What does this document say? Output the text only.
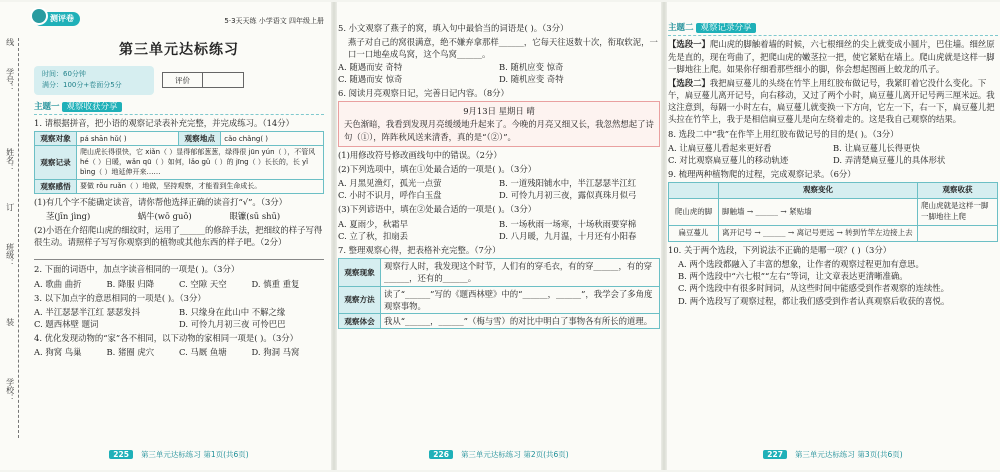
线
学号：
姓名：
订
班级：
装
学校：
测评卷	5·3天天练 小学语文 四年级上册
第三单元达标练习
时间：60分钟
满分：100分+卷面分5分	评价
主题一 观察收获分享
1. 请根据拼音，把小语的观察记录表补充完整，并完成练习。（14分）
观察对象	pá shān hǔ( )	观察地点	cǎo chǎng( )
观察记录	爬山虎长得很快，它 xiǎn（ ）显得郁郁葱葱，绿得很 jūn yún（ ），不管风 hé（ ）日暖，wǎn qū（ ）如何，lǎo gǔ（ ）的 jīng（ ）长长的，长 yǐ bìng（ ）地延伸开来……		
观察感悟	要做 rǒu ruǎn（ ）地做，坚持观察，才能看到生命成长。		
(1)有几个字不能确定读音，请你帮他选择正确的读音打“√”。（3分）
茎(jīn jìng)	蜗牛(wō guō)	眼镰(sū shū)
(2)小语在介绍爬山虎的细纹时，运用了______的修辞手法，把细纹的样子写得很生动。请照样子写写你观察到的植物或其他东西的样子吧。（2分）
2. 下面的词语中，加点字读音相同的一项是( )。（3分）
A. 歌曲 曲折	B. 降服 归降	C. 空隙 天空	D. 慎重 重复
3. 以下加点字的意思相同的一项是( )。（3分）
A. 半江瑟瑟半江红 瑟瑟发抖	B. 只缘身在此山中 不解之缘
C. 题西林壁 题词	D. 可怜九月初三夜 可怜巴巴
4. 优化发现动物的“家”各不相同，以下动物的家相同一项是( )。（3分）
A. 狗窝 鸟巢	B. 猪圈 虎穴	C. 马厩 鱼塘	D. 狗洞 马窝
225 第三单元达标练习 第1页(共6页)
5. 小文观察了燕子的窝，填入句中最恰当的词语是( )。（3分）
燕子对自己的窝很满意，绝不嫌弃拿那样______，它每天往返数十次，衔取软泥，一口一口地垒成鸟窝，这个鸟窝______。
A. 随遇而安 奇特	B. 随机应变 惊奇
C. 随遇而安 惊奇	D. 随机应变 奇特
6. 阅读月亮观察日记，完善日记内容。（8分）
9月13日 星期日 晴
天色渐暗，我看到发现月亮缓缓地升起来了。今晚的月亮又细又长，我忽然想起了诗句（①），阵阵秋风送来清香，真的是“（②）”。
(1)用修改符号修改画线句中的错误。（2分）
(2)下列选项中，填在①处最合适的一项是( )。（3分）
A. 月黑见渔灯，孤光一点萤	B. 一道残阳铺水中，半江瑟瑟半江红
C. 小时不识月，呼作白玉盘	D. 可怜九月初三夜，露似真珠月似弓
(3)下列谚语中，填在②处最合适的一项是( )。（3分）
A. 夏雨少，秋霜早	B. 一场秋雨一场寒，十场秋雨要穿棉
C. 立了秋，扣扇丢	D. 八月暖，九月温，十月还有小阳春
7. 整理观察心得，把表格补充完整。（7分）
观察现象	观察行人时，我发现这个时节，人们有的穿毛衣，有的穿______，有的穿______，还有的______。
观察方法	读了“______”写的《题西林壁》中的“______，______”，我学会了多角度观察事物。
观察体会	我从“______，______”（梅与雪）的对比中明白了事物各有所长的道理。
226 第三单元达标练习 第2页(共6页)
主题二 观察记录分享
【选段一】爬山虎的脚触着墙的时候，六七根细丝的尖上就变成小圆片，巴住墙。细丝原先是直的，现在弯曲了，把爬山虎的嫩茎拉一把，使它紧贴在墙上。爬山虎就是这样一脚一脚地往上爬。如果你仔细看那些细小的脚，你会想起图画上蛟龙的爪子。
【选段二】我把扁豆蔓儿的头绕在竹竿上用红胶布做记号，我紧盯着它没什么变化。下午，扁豆蔓儿离开记号，向右移动，又过了两个小时，扁豆蔓儿离开记号两三厘米远。我这注意到，每隔一小时左右，扁豆蔓儿就变换一下方向，它左一下，右一下，扁豆蔓儿把头拉在竹竿上，我于是相信扁豆蔓儿是向左绕着走的。这是我自己观察的结果。
8. 选段二中“我”在作竿上用红胶布做记号的目的是( )。（3分）
A. 让扁豆蔓儿看起来更好看	B. 让扁豆蔓儿长得更快
C. 对比观察扁豆蔓儿的移动轨迹	D. 弄清楚扁豆蔓儿的具体形状
9. 梳理两种植物爬的过程，完成观察记录。（6分）
	观察变化	观察收获
爬山虎的脚	脚触墙 → ______ → 紧贴墙	爬山虎就是这样一脚一脚地往上爬
扁豆蔓儿	离开记号 → ______ → 离记号更远 → 转到竹竿左边接上去	
10. 关于两个选段，下列说法不正确的是哪一项？( )（3分）
A. 两个选段都融入了丰富的想象，让作者的观察过程更加有意思。
B. 两个选段中“六七根”“左右”等词，让文章表达更清晰准确。
C. 两个选段中有很多时间词，从这些时间中能感受到作者观察的连续性。
D. 两个选段写了观察过程，都让我们感受到作者认真观察后收获的喜悦。
227 第三单元达标练习 第3页(共6页)
